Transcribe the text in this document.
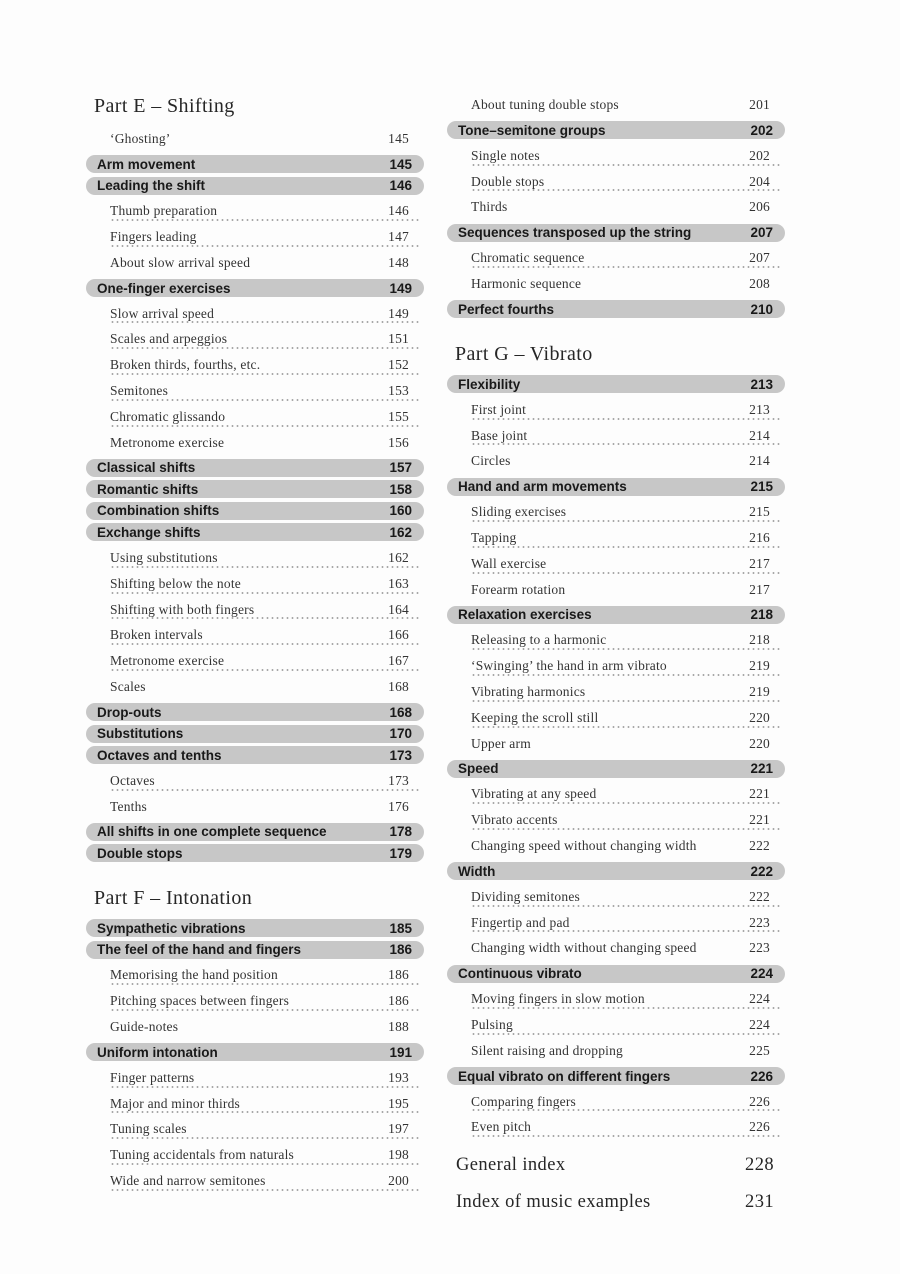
Part E – Shifting
‘Ghosting’	145
Arm movement	145
Leading the shift	146
Thumb preparation	146
Fingers leading	147
About slow arrival speed	148
One-finger exercises	149
Slow arrival speed	149
Scales and arpeggios	151
Broken thirds, fourths, etc.	152
Semitones	153
Chromatic glissando	155
Metronome exercise	156
Classical shifts	157
Romantic shifts	158
Combination shifts	160
Exchange shifts	162
Using substitutions	162
Shifting below the note	163
Shifting with both fingers	164
Broken intervals	166
Metronome exercise	167
Scales	168
Drop-outs	168
Substitutions	170
Octaves and tenths	173
Octaves	173
Tenths	176
All shifts in one complete sequence	178
Double stops	179
Part F – Intonation
Sympathetic vibrations	185
The feel of the hand and fingers	186
Memorising the hand position	186
Pitching spaces between fingers	186
Guide-notes	188
Uniform intonation	191
Finger patterns	193
Major and minor thirds	195
Tuning scales	197
Tuning accidentals from naturals	198
Wide and narrow semitones	200
About tuning double stops	201
Tone–semitone groups	202
Single notes	202
Double stops	204
Thirds	206
Sequences transposed up the string	207
Chromatic sequence	207
Harmonic sequence	208
Perfect fourths	210
Part G – Vibrato
Flexibility	213
First joint	213
Base joint	214
Circles	214
Hand and arm movements	215
Sliding exercises	215
Tapping	216
Wall exercise	217
Forearm rotation	217
Relaxation exercises	218
Releasing to a harmonic	218
‘Swinging’ the hand in arm vibrato	219
Vibrating harmonics	219
Keeping the scroll still	220
Upper arm	220
Speed	221
Vibrating at any speed	221
Vibrato accents	221
Changing speed without changing width	222
Width	222
Dividing semitones	222
Fingertip and pad	223
Changing width without changing speed	223
Continuous vibrato	224
Moving fingers in slow motion	224
Pulsing	224
Silent raising and dropping	225
Equal vibrato on different fingers	226
Comparing fingers	226
Even pitch	226
General index	228
Index of music examples	231
